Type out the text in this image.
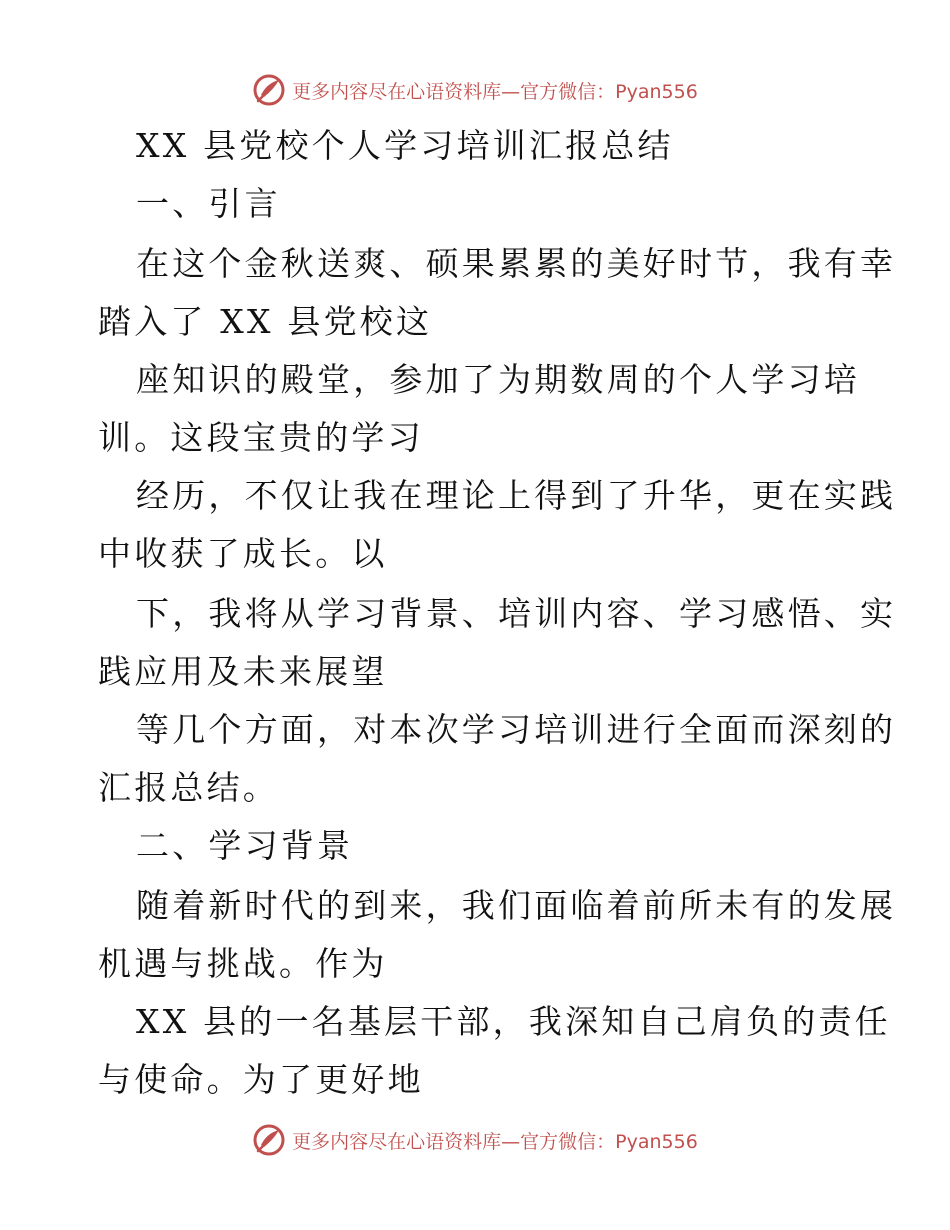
更多内容尽在心语资料库—官方微信：Pyan556
XX 县党校个人学习培训汇报总结
一、引言
在这个金秋送爽、硕果累累的美好时节，我有幸
踏入了 XX 县党校这
座知识的殿堂，参加了为期数周的个人学习培
训。这段宝贵的学习
经历，不仅让我在理论上得到了升华，更在实践
中收获了成长。以
下，我将从学习背景、培训内容、学习感悟、实
践应用及未来展望
等几个方面，对本次学习培训进行全面而深刻的
汇报总结。
二、学习背景
随着新时代的到来，我们面临着前所未有的发展
机遇与挑战。作为
XX 县的一名基层干部，我深知自己肩负的责任
与使命。为了更好地
更多内容尽在心语资料库—官方微信：Pyan556
